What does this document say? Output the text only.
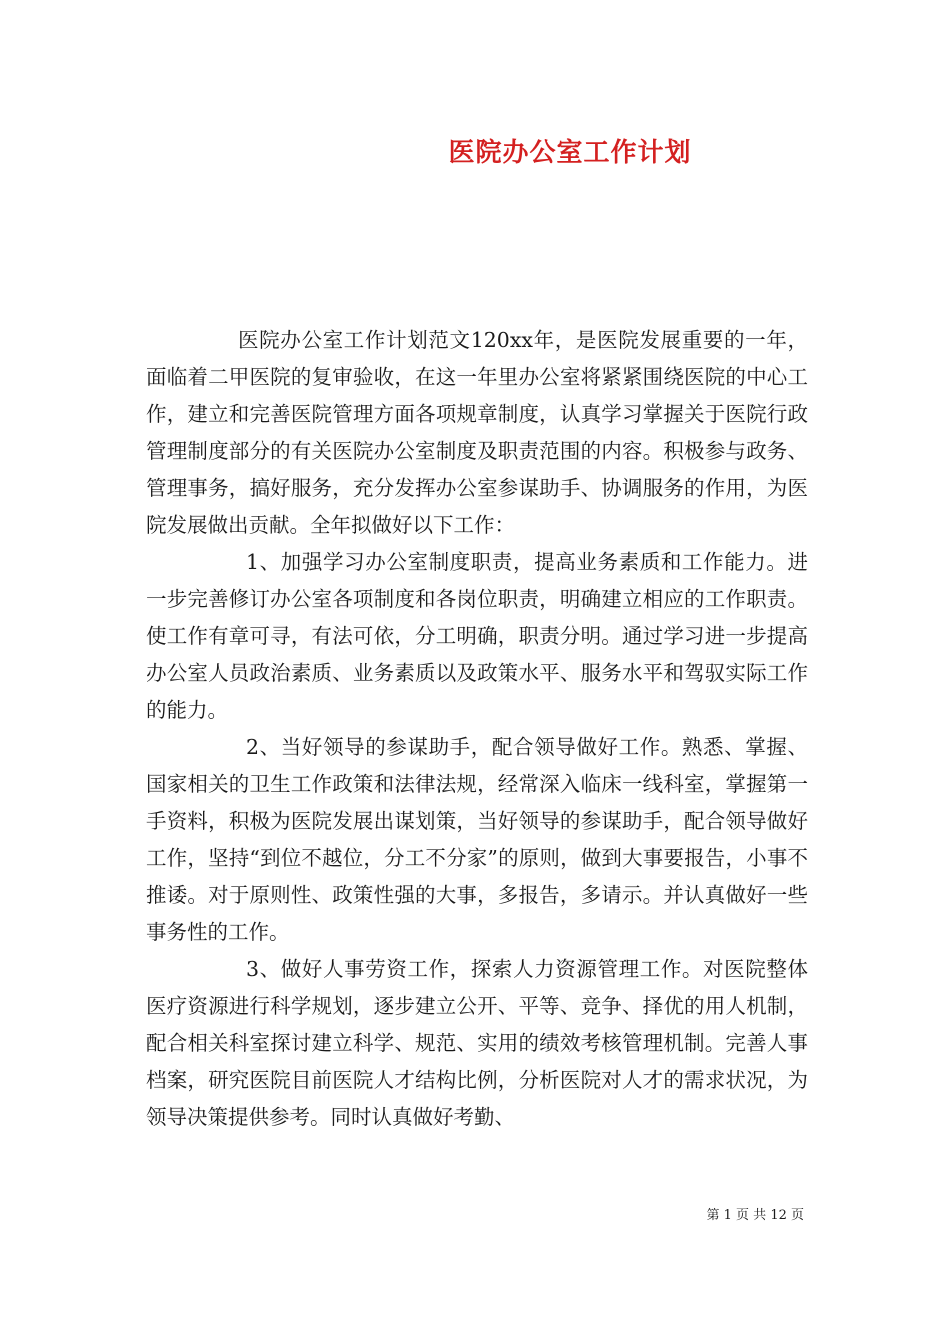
医院办公室工作计划

医院办公室工作计划范文120xx年，是医院发展重要的一年，面临着二甲医院的复审验收，在这一年里办公室将紧紧围绕医院的中心工作，建立和完善医院管理方面各项规章制度，认真学习掌握关于医院行政管理制度部分的有关医院办公室制度及职责范围的内容。积极参与政务、管理事务，搞好服务，充分发挥办公室参谋助手、协调服务的作用，为医院发展做出贡献。全年拟做好以下工作：

1、加强学习办公室制度职责，提高业务素质和工作能力。进一步完善修订办公室各项制度和各岗位职责，明确建立相应的工作职责。使工作有章可寻，有法可依，分工明确，职责分明。通过学习进一步提高办公室人员政治素质、业务素质以及政策水平、服务水平和驾驭实际工作的能力。

2、当好领导的参谋助手，配合领导做好工作。熟悉、掌握、国家相关的卫生工作政策和法律法规，经常深入临床一线科室，掌握第一手资料，积极为医院发展出谋划策，当好领导的参谋助手，配合领导做好工作，坚持“到位不越位，分工不分家”的原则，做到大事要报告，小事不推诿。对于原则性、政策性强的大事，多报告，多请示。并认真做好一些事务性的工作。

3、做好人事劳资工作，探索人力资源管理工作。对医院整体医疗资源进行科学规划，逐步建立公开、平等、竞争、择优的用人机制，配合相关科室探讨建立科学、规范、实用的绩效考核管理机制。完善人事档案，研究医院目前医院人才结构比例，分析医院对人才的需求状况，为领导决策提供参考。同时认真做好考勤、

第 1 页 共 12 页
